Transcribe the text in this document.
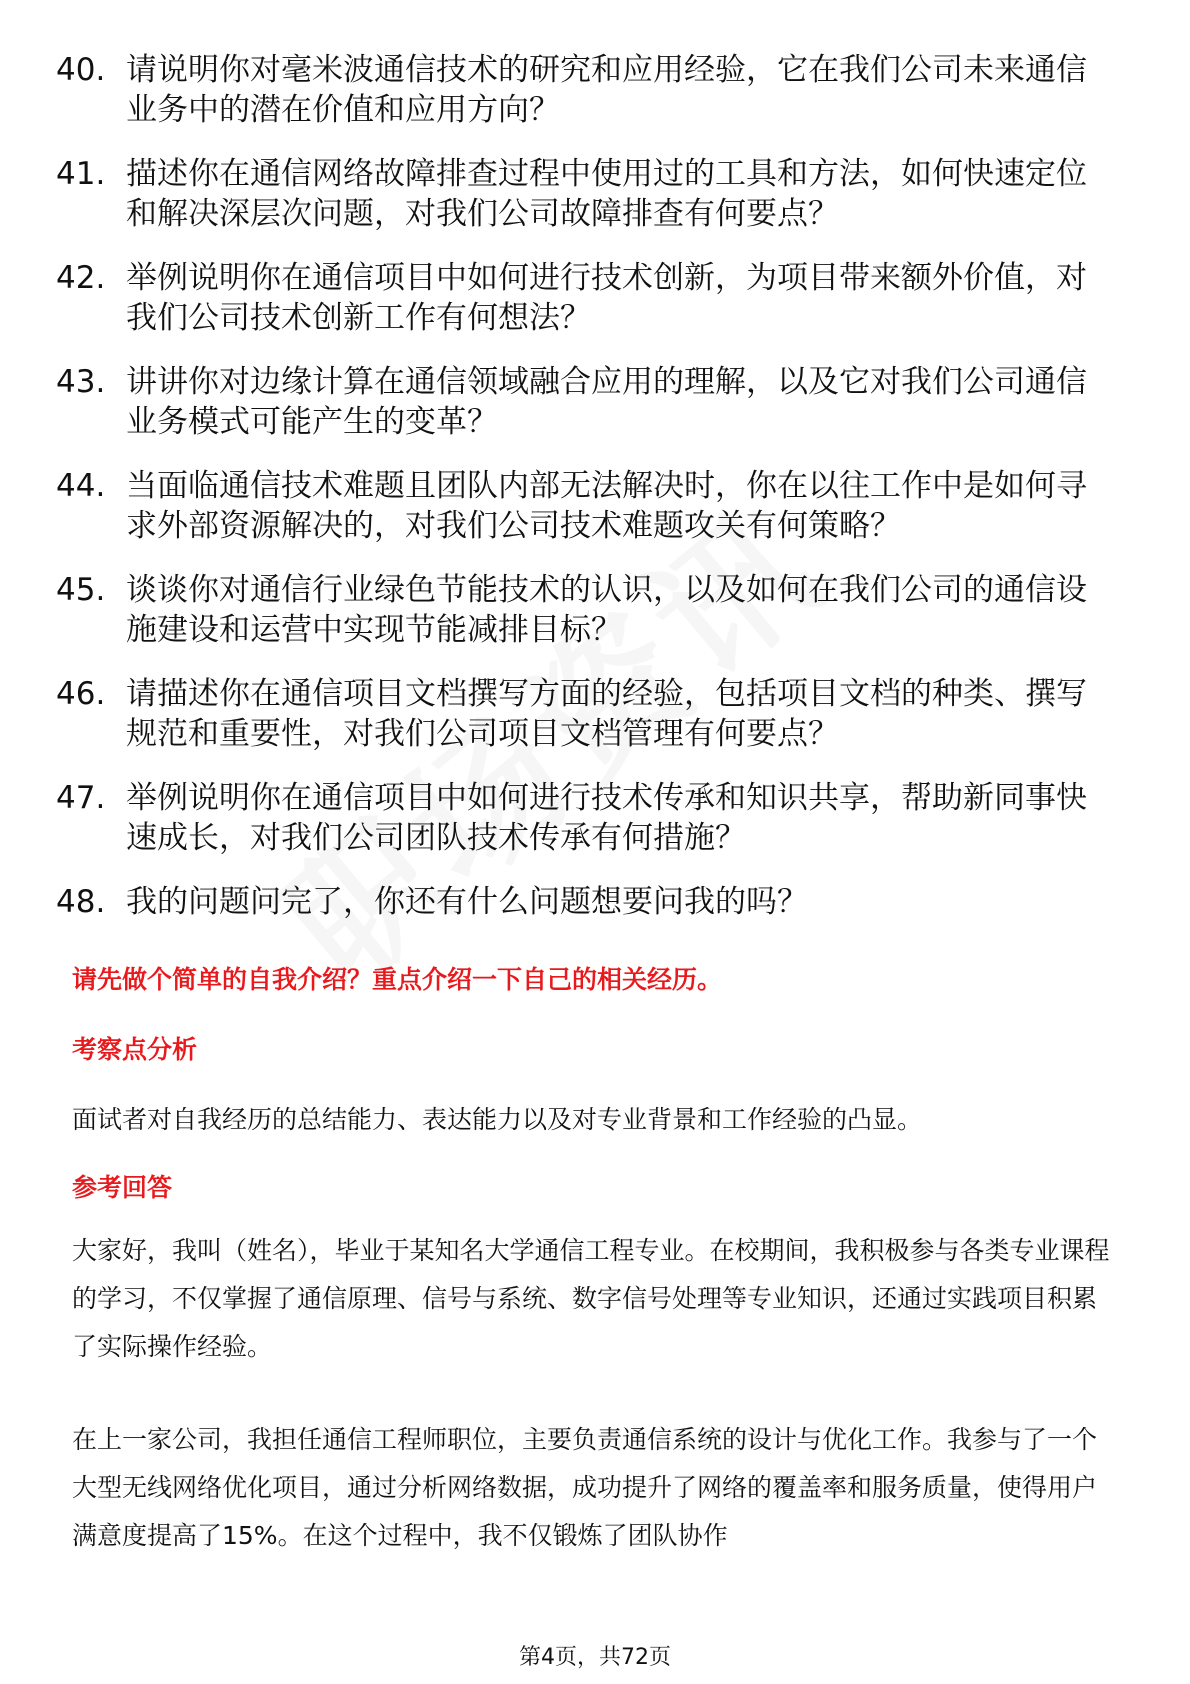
40. 请说明你对毫米波通信技术的研究和应用经验，它在我们公司未来通信业务中的潜在价值和应用方向？
41. 描述你在通信网络故障排查过程中使用过的工具和方法，如何快速定位和解决深层次问题，对我们公司故障排查有何要点？
42. 举例说明你在通信项目中如何进行技术创新，为项目带来额外价值，对我们公司技术创新工作有何想法？
43. 讲讲你对边缘计算在通信领域融合应用的理解，以及它对我们公司通信业务模式可能产生的变革？
44. 当面临通信技术难题且团队内部无法解决时，你在以往工作中是如何寻求外部资源解决的，对我们公司技术难题攻关有何策略？
45. 谈谈你对通信行业绿色节能技术的认识，以及如何在我们公司的通信设施建设和运营中实现节能减排目标？
46. 请描述你在通信项目文档撰写方面的经验，包括项目文档的种类、撰写规范和重要性，对我们公司项目文档管理有何要点？
47. 举例说明你在通信项目中如何进行技术传承和知识共享，帮助新同事快速成长，对我们公司团队技术传承有何措施？
48. 我的问题问完了，你还有什么问题想要问我的吗？
请先做个简单的自我介绍？重点介绍一下自己的相关经历。
考察点分析

面试者对自我经历的总结能力、表达能力以及对专业背景和工作经验的凸显。

参考回答

大家好，我叫（姓名），毕业于某知名大学通信工程专业。在校期间，我积极参与各类专业课程的学习，不仅掌握了通信原理、信号与系统、数字信号处理等专业知识，还通过实践项目积累了实际操作经验。

在上一家公司，我担任通信工程师职位，主要负责通信系统的设计与优化工作。我参与了一个大型无线网络优化项目，通过分析网络数据，成功提升了网络的覆盖率和服务质量，使得用户满意度提高了15%。在这个过程中，我不仅锻炼了团队协作

第4页，共72页
